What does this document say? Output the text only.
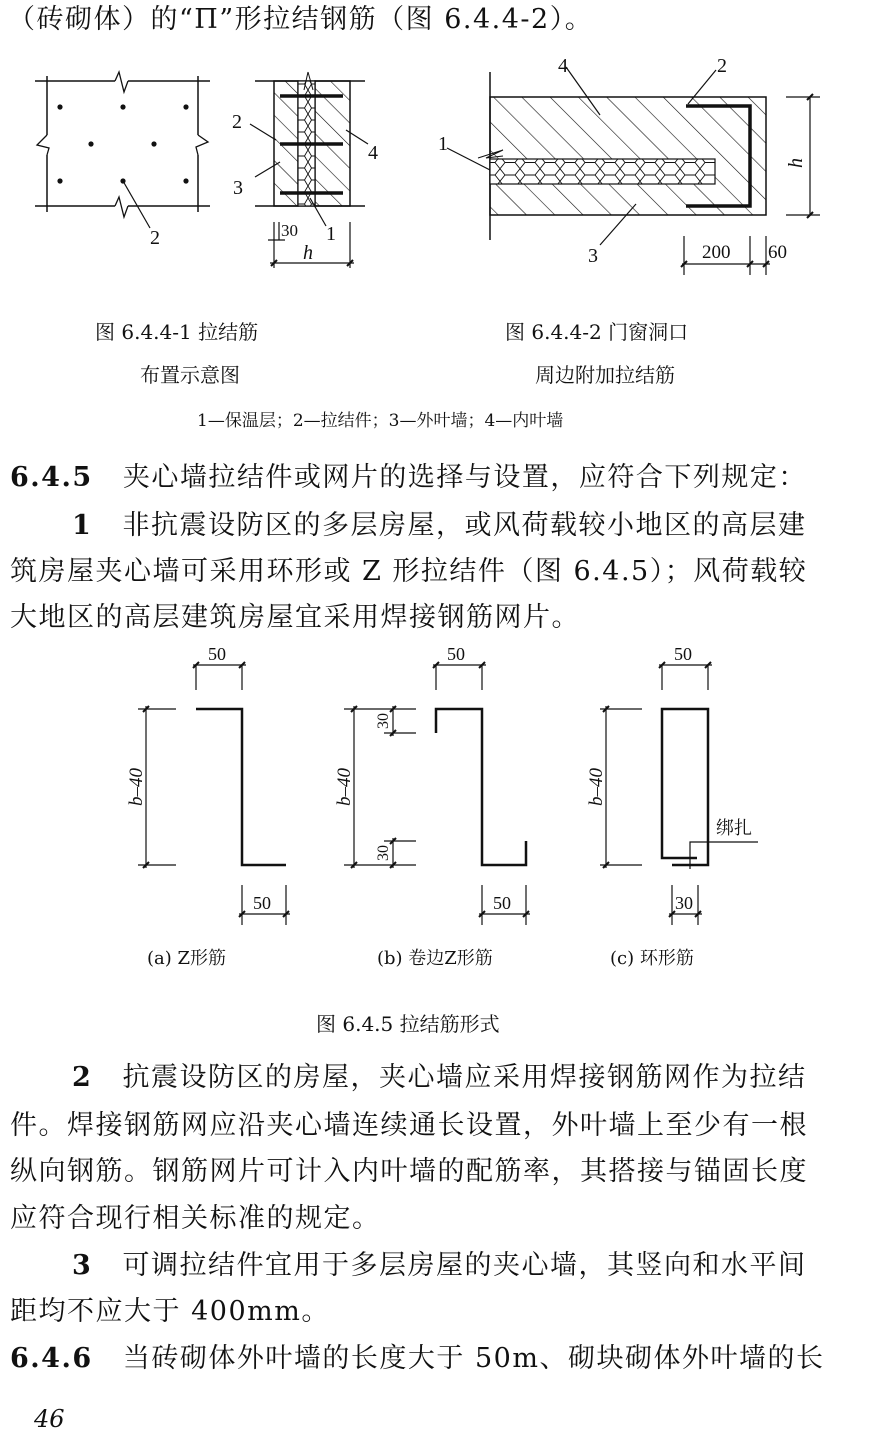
（砖砌体）的“Π”形拉结钢筋（图 6.4.4-2）。
2
2
3
4
1
30
h
1
4	2
3
h
200 60
图 6.4.4-1 拉结筋
布置示意图
图 6.4.4-2 门窗洞口
周边附加拉结筋
1—保温层；2—拉结件；3—外叶墙；4—内叶墙
6.4.5 夹心墙拉结件或网片的选择与设置，应符合下列规定：
1 非抗震设防区的多层房屋，或风荷载较小地区的高层建
筑房屋夹心墙可采用环形或 Z 形拉结件（图 6.4.5）；风荷载较
大地区的高层建筑房屋宜采用焊接钢筋网片。
50
b–40
50
50
b–40
30
30
50
绑扎
50
b–40
30
(a) Z形筋	(b) 卷边Z形筋	(c) 环形筋
图 6.4.5 拉结筋形式
2 抗震设防区的房屋，夹心墙应采用焊接钢筋网作为拉结
件。焊接钢筋网应沿夹心墙连续通长设置，外叶墙上至少有一根
纵向钢筋。钢筋网片可计入内叶墙的配筋率，其搭接与锚固长度
应符合现行相关标准的规定。
3 可调拉结件宜用于多层房屋的夹心墙，其竖向和水平间
距均不应大于 400mm。
6.4.6 当砖砌体外叶墙的长度大于 50m、砌块砌体外叶墙的长
46
